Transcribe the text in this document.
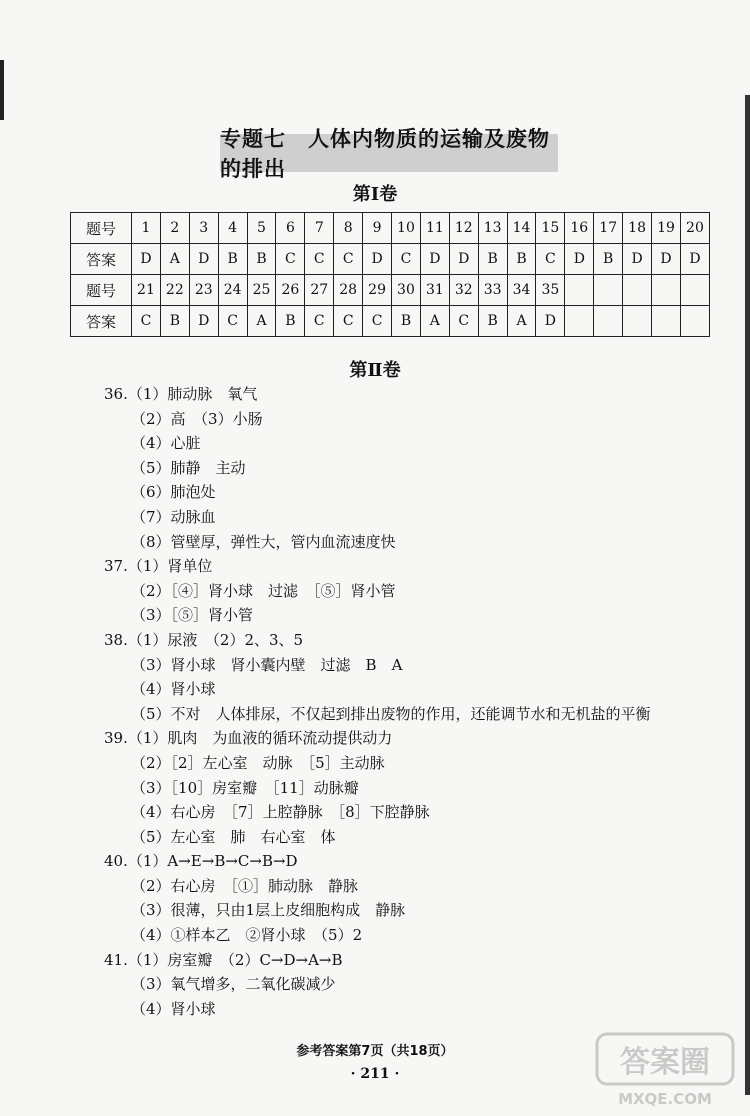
专题七　人体内物质的运输及废物的排出
第Ⅰ卷
题号	1	2	3	4	5	6	7	8	9	10	11	12	13	14	15	16	17	18	19	20
答案	D	A	D	B	B	C	C	C	D	C	D	D	B	B	C	D	B	D	D	D
题号	21	22	23	24	25	26	27	28	29	30	31	32	33	34	35					
答案	C	B	D	C	A	B	C	C	C	B	A	C	B	A	D					
第Ⅱ卷
36.（1）肺动脉　氧气
（2）高　（3）小肠
（4）心脏
（5）肺静　主动
（6）肺泡处
（7）动脉血
（8）管壁厚，弹性大，管内血流速度快
37.（1）肾单位
（2）［④］肾小球　过滤　［⑤］肾小管
（3）［⑤］肾小管
38.（1）尿液　（2）2、3、5
（3）肾小球　肾小囊内壁　过滤　B　A
（4）肾小球
（5）不对　人体排尿，不仅起到排出废物的作用，还能调节水和无机盐的平衡
39.（1）肌肉　为血液的循环流动提供动力
（2）［2］左心室　动脉　［5］主动脉
（3）［10］房室瓣　［11］动脉瓣
（4）右心房　［7］上腔静脉　［8］下腔静脉
（5）左心室　肺　右心室　体
40.（1）A→E→B→C→B→D
（2）右心房　［①］肺动脉　静脉
（3）很薄，只由1层上皮细胞构成　静脉
（4）①样本乙　②肾小球　（5）2
41.（1）房室瓣　（2）C→D→A→B
（3）氧气增多，二氧化碳减少
（4）肾小球
参考答案第7页（共18页）
· 211 ·	答案圈
MXQE.COM
